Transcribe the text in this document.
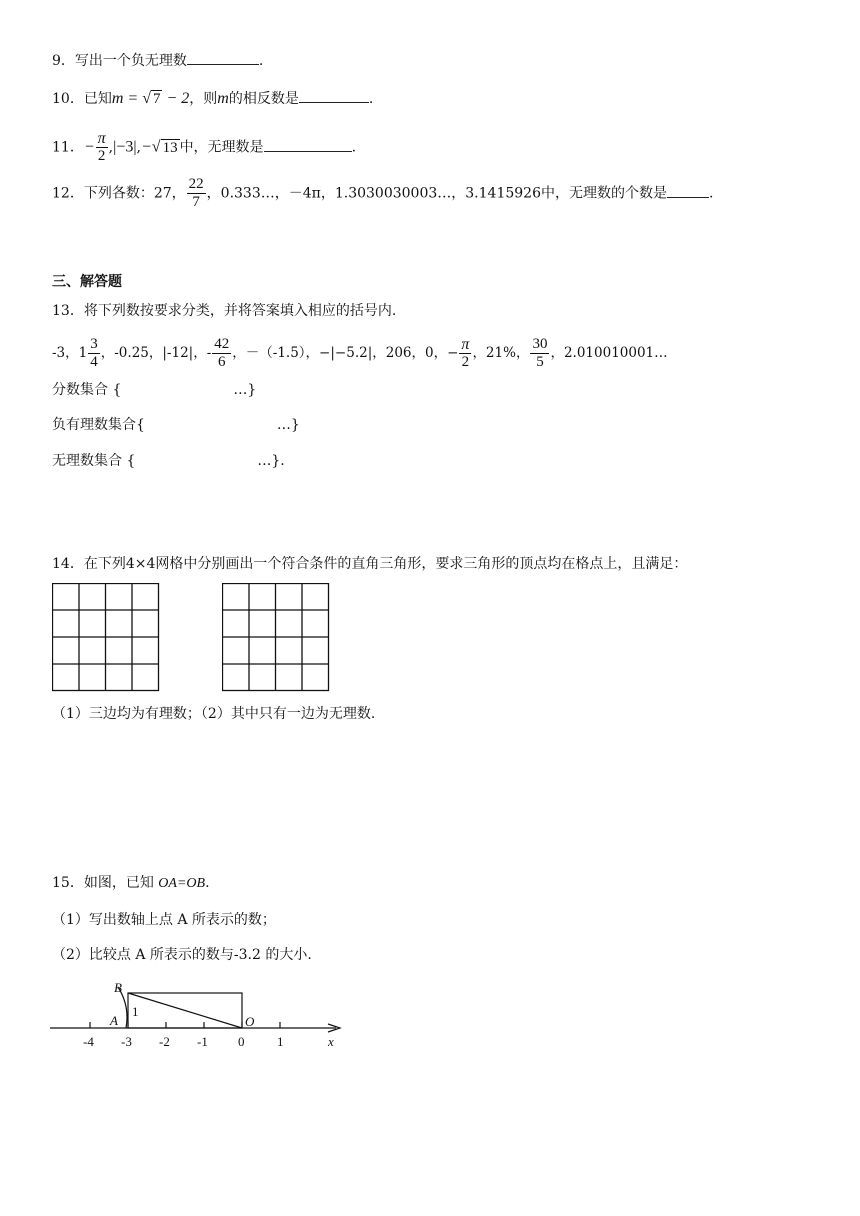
9．写出一个负无理数	.
10．已知m = √ 7 − 2，则m的相反数是	.
11．− $\frac{\pi}{2} ,|-3|,-√$ 13 中，无理数是	.
12．下列各数：27， $\frac{22}{7}$ ，0.333…，－4π，1.3030030003…，3.1415926中，无理数的个数是	.
三、解答题
13．将下列数按要求分类，并将答案填入相应的括号内.
-3，$1 \frac{3}{4}$ ，-0.25，|-12|，- $\frac{42}{6}$ ，－（-1.5），−|−5.2|，206，0，− $\frac{\pi}{2}$ ，21%， $\frac{30}{5}$ ，2.010010001…
分数集合 {	…}
负有理数集合{	…}
无理数集合 {	…}.
14．在下列4×4网格中分别画出一个符合条件的直角三角形，要求三角形的顶点均在格点上，且满足：
（1）三边均为有理数；（2）其中只有一边为无理数.
15．如图，已知 OA=OB.
（1）写出数轴上点 A 所表示的数；
（2）比较点 A 所表示的数与-3.2 的大小.
B
A
1
O
x
-4 -3 -2 -1 0	1
